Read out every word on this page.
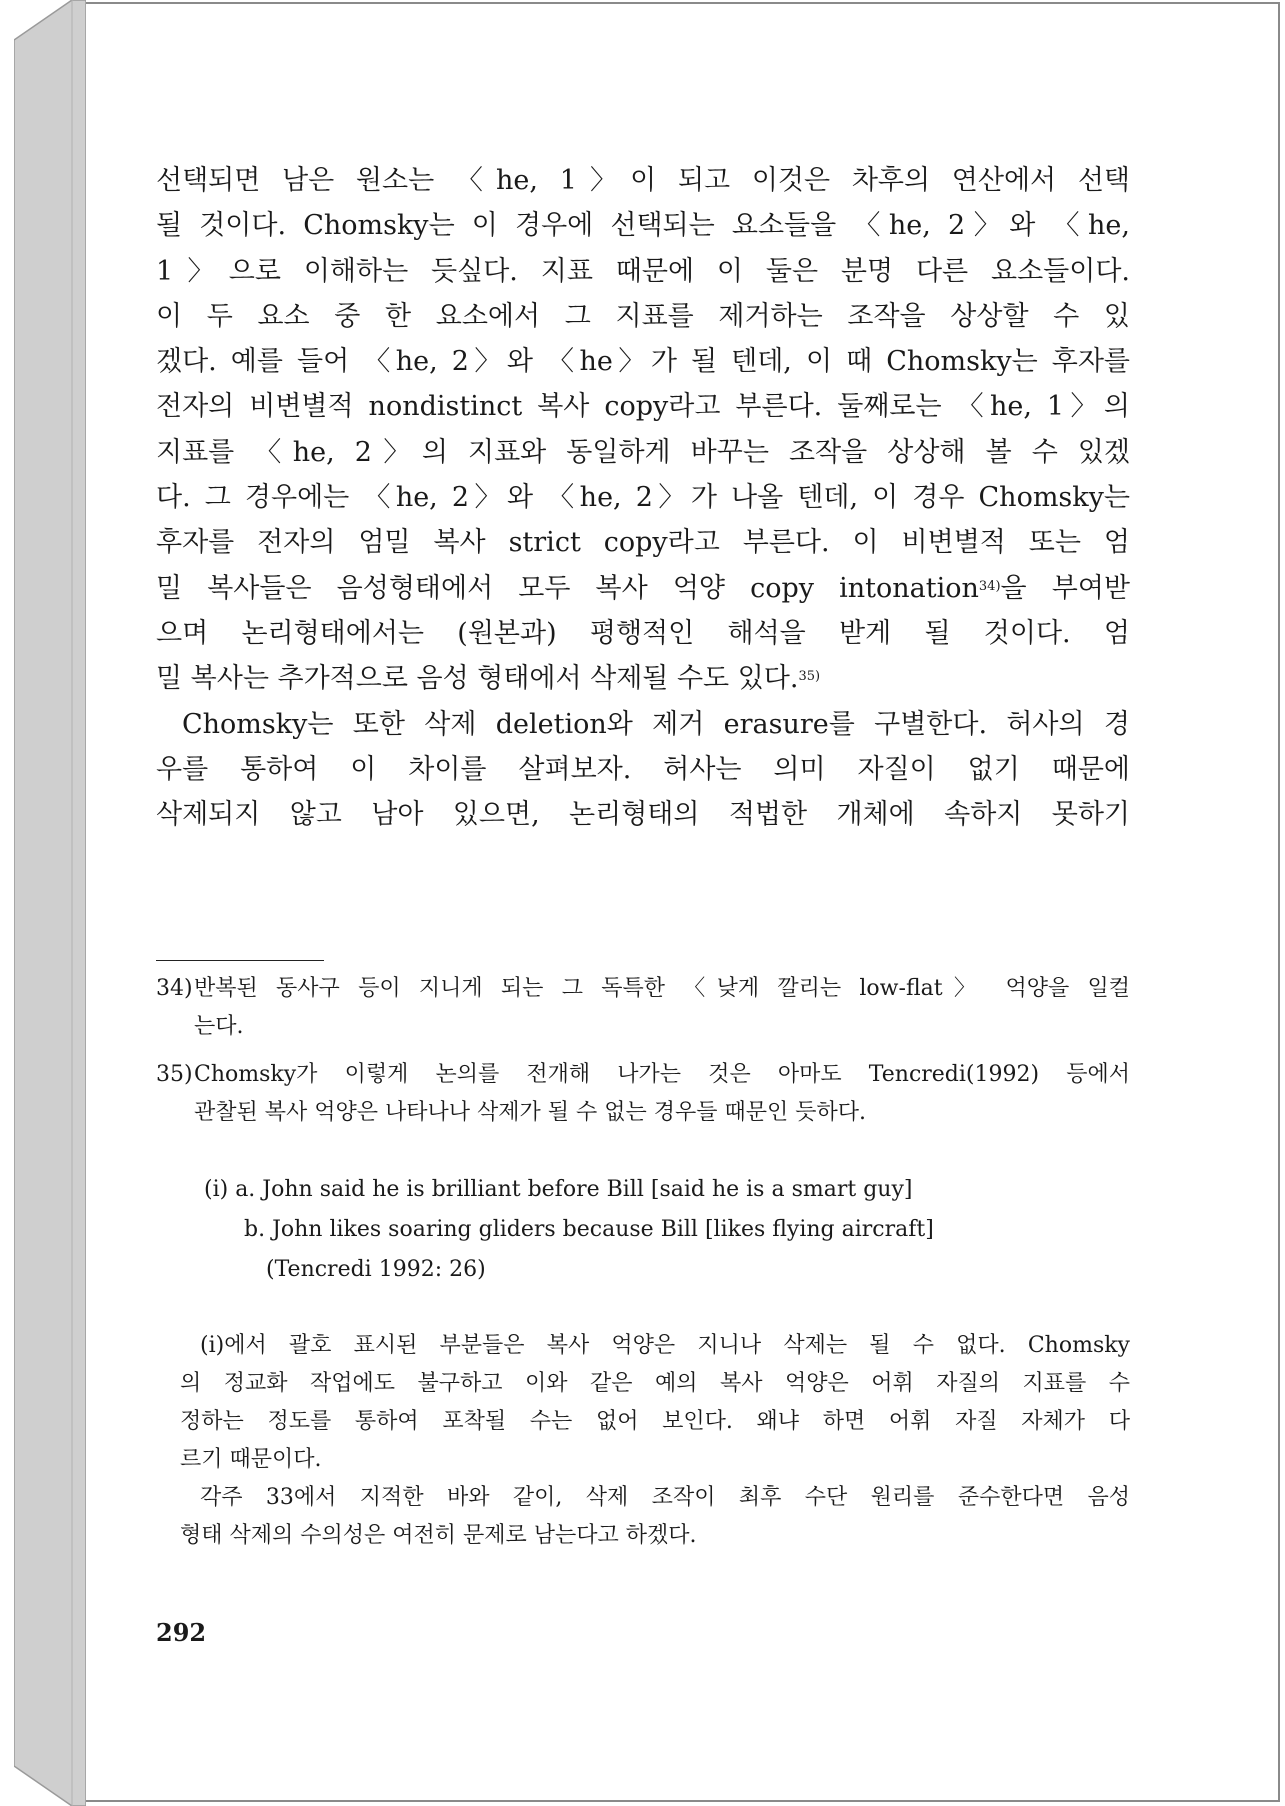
선택되면 남은 원소는 〈he, 1〉이 되고 이것은 차후의 연산에서 선택
될 것이다. Chomsky는 이 경우에 선택되는 요소들을 〈he, 2〉와 〈he,
1〉으로 이해하는 듯싶다. 지표 때문에 이 둘은 분명 다른 요소들이다.
이 두 요소 중 한 요소에서 그 지표를 제거하는 조작을 상상할 수 있
겠다. 예를 들어 〈he, 2〉와 〈he〉가 될 텐데, 이 때 Chomsky는 후자를
전자의 비변별적 nondistinct 복사 copy라고 부른다. 둘째로는 〈he, 1〉의
지표를 〈he, 2〉의 지표와 동일하게 바꾸는 조작을 상상해 볼 수 있겠
다. 그 경우에는 〈he, 2〉와 〈he, 2〉가 나올 텐데, 이 경우 Chomsky는
후자를 전자의 엄밀 복사 strict copy라고 부른다. 이 비변별적 또는 엄
밀 복사들은 음성형태에서 모두 복사 억양 copy intonation$^{34)}$을 부여받
으며 논리형태에서는 (원본과) 평행적인 해석을 받게 될 것이다. 엄
밀 복사는 추가적으로 음성 형태에서 삭제될 수도 있다.$^{35)}$
Chomsky는 또한 삭제 deletion와 제거 erasure를 구별한다. 허사의 경
우를 통하여 이 차이를 살펴보자. 허사는 의미 자질이 없기 때문에
삭제되지 않고 남아 있으면, 논리형태의 적법한 개체에 속하지 못하기
34)반복된 동사구 등이 지니게 되는 그 독특한 〈낮게 깔리는 low-flat〉 억양을 일컬
는다.
35)Chomsky가 이렇게 논의를 전개해 나가는 것은 아마도 Tencredi(1992) 등에서
관찰된 복사 억양은 나타나나 삭제가 될 수 없는 경우들 때문인 듯하다.
(i) a. John said he is brilliant before Bill [said he is a smart guy]
b. John likes soaring gliders because Bill [likes flying aircraft]
(Tencredi 1992: 26)
(i)에서 괄호 표시된 부분들은 복사 억양은 지니나 삭제는 될 수 없다. Chomsky
의 정교화 작업에도 불구하고 이와 같은 예의 복사 억양은 어휘 자질의 지표를 수
정하는 정도를 통하여 포착될 수는 없어 보인다. 왜냐 하면 어휘 자질 자체가 다
르기 때문이다.
각주 33에서 지적한 바와 같이, 삭제 조작이 최후 수단 원리를 준수한다면 음성
형태 삭제의 수의성은 여전히 문제로 남는다고 하겠다.
292
